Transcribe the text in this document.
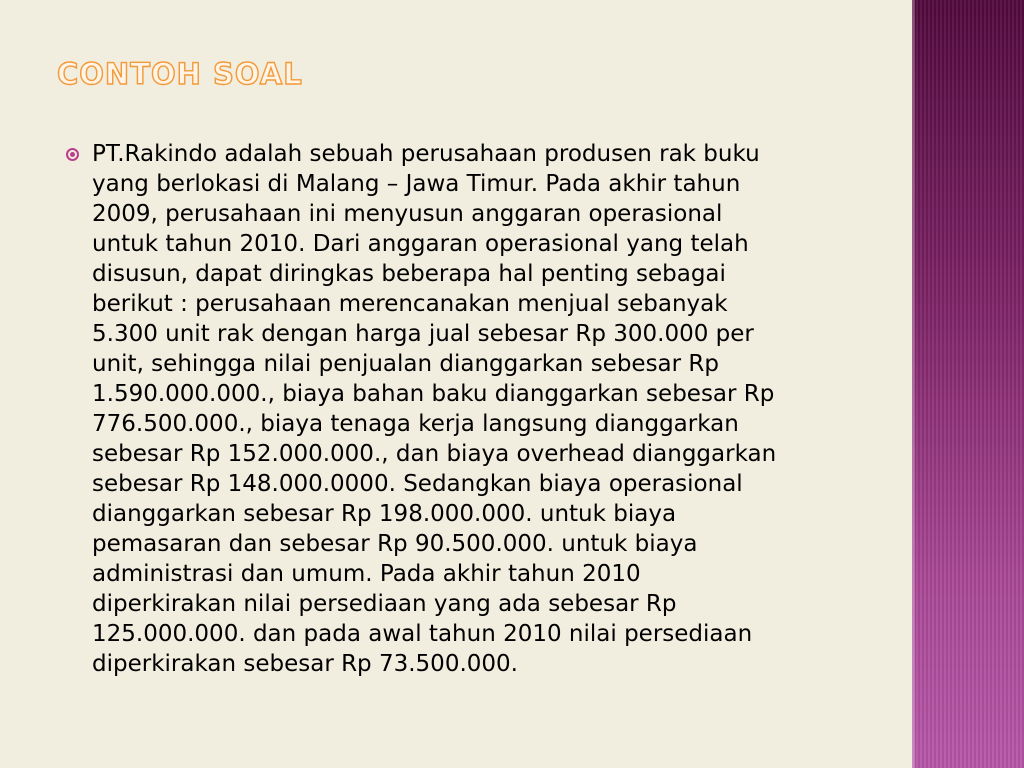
CONTOH SOAL
PT.Rakindo adalah sebuah perusahaan produsen rak buku
yang berlokasi di Malang – Jawa Timur. Pada akhir tahun
2009, perusahaan ini menyusun anggaran operasional
untuk tahun 2010. Dari anggaran operasional yang telah
disusun, dapat diringkas beberapa hal penting sebagai
berikut : perusahaan merencanakan menjual sebanyak
5.300 unit rak dengan harga jual sebesar Rp 300.000 per
unit, sehingga nilai penjualan dianggarkan sebesar Rp
1.590.000.000., biaya bahan baku dianggarkan sebesar Rp
776.500.000., biaya tenaga kerja langsung dianggarkan
sebesar Rp 152.000.000., dan biaya overhead dianggarkan
sebesar Rp 148.000.0000. Sedangkan biaya operasional
dianggarkan sebesar Rp 198.000.000. untuk biaya
pemasaran dan sebesar Rp 90.500.000. untuk biaya
administrasi dan umum. Pada akhir tahun 2010
diperkirakan nilai persediaan yang ada sebesar Rp
125.000.000. dan pada awal tahun 2010 nilai persediaan
diperkirakan sebesar Rp 73.500.000.
